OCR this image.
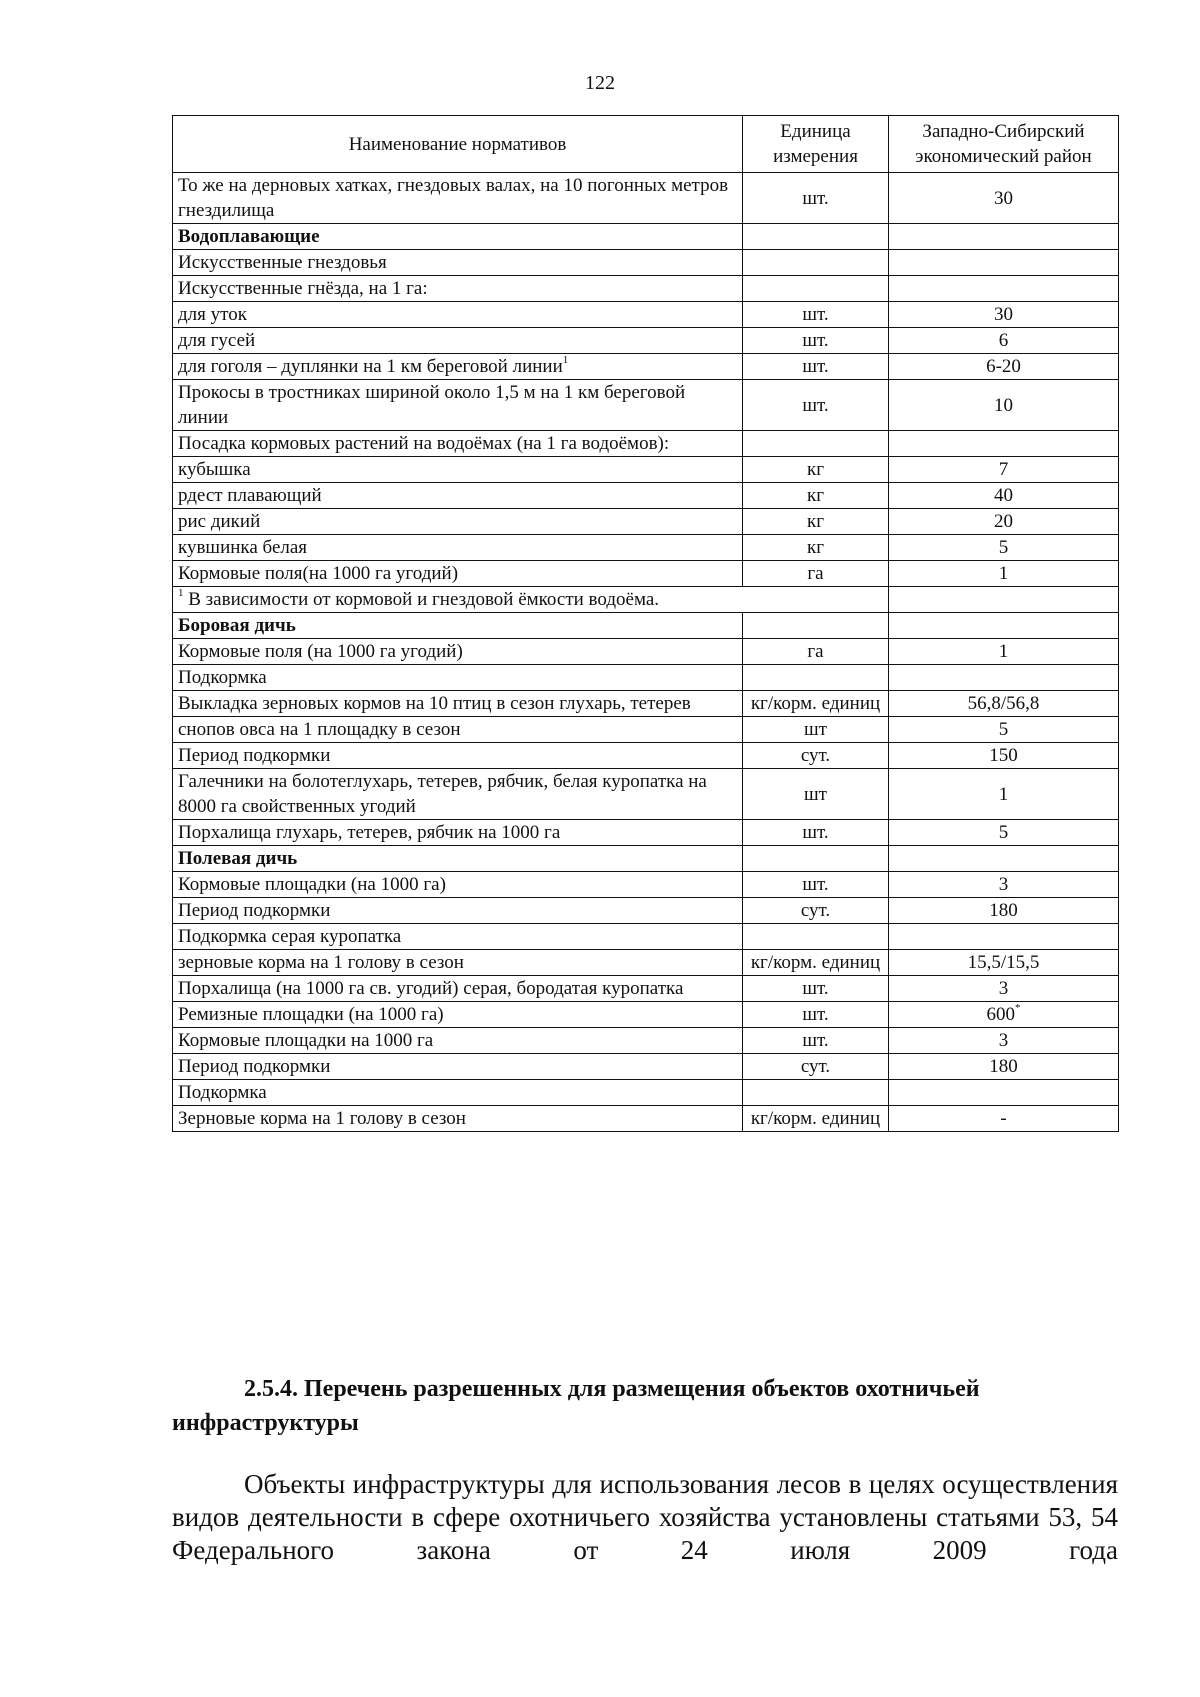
122
Наименование нормативов	Единица измерения	Западно-Сибирский экономический район
То же на дерновых хатках, гнездовых валах, на 10 погонных метров гнездилища	шт.	30
Водоплавающие		
Искусственные гнездовья		
Искусственные гнёзда, на 1 га:		
для уток	шт.	30
для гусей	шт.	6
для гоголя – дуплянки на 1 км береговой линии$^1$	шт.	6-20
Прокосы в тростниках шириной около 1,5 м на 1 км береговой линии	шт.	10
Посадка кормовых растений на водоёмах (на 1 га водоёмов):		
кубышка	кг	7
рдест плавающий	кг	40
рис дикий	кг	20
кувшинка белая	кг	5
Кормовые поля(на 1000 га угодий)	га	1
$^1$ В зависимости от кормовой и гнездовой ёмкости водоёма.		
Боровая дичь		
Кормовые поля (на 1000 га угодий)	га	1
Подкормка		
Выкладка зерновых кормов на 10 птиц в сезон глухарь, тетерев	кг/корм. единиц	56,8/56,8
снопов овса на 1 площадку в сезон	шт	5
Период подкормки	сут.	150
Галечники на болотеглухарь, тетерев, рябчик, белая куропатка на 8000 га свойственных угодий	шт	1
Порхалища глухарь, тетерев, рябчик на 1000 га	шт.	5
Полевая дичь		
Кормовые площадки (на 1000 га)	шт.	3
Период подкормки	сут.	180
Подкормка серая куропатка		
зерновые корма на 1 голову в сезон	кг/корм. единиц	15,5/15,5
Порхалища (на 1000 га св. угодий) серая, бородатая куропатка	шт.	3
Ремизные площадки (на 1000 га)	шт.	600*
Кормовые площадки на 1000 га	шт.	3
Период подкормки	сут.	180
Подкормка		
Зерновые корма на 1 голову в сезон	кг/корм. единиц	-
2.5.4. Перечень разрешенных для размещения объектов охотничьей инфраструктуры

Объекты инфраструктуры для использования лесов в целях осуществления видов деятельности в сфере охотничьего хозяйства установлены статьями 53, 54 Федерального закона от 24 июля 2009 года
